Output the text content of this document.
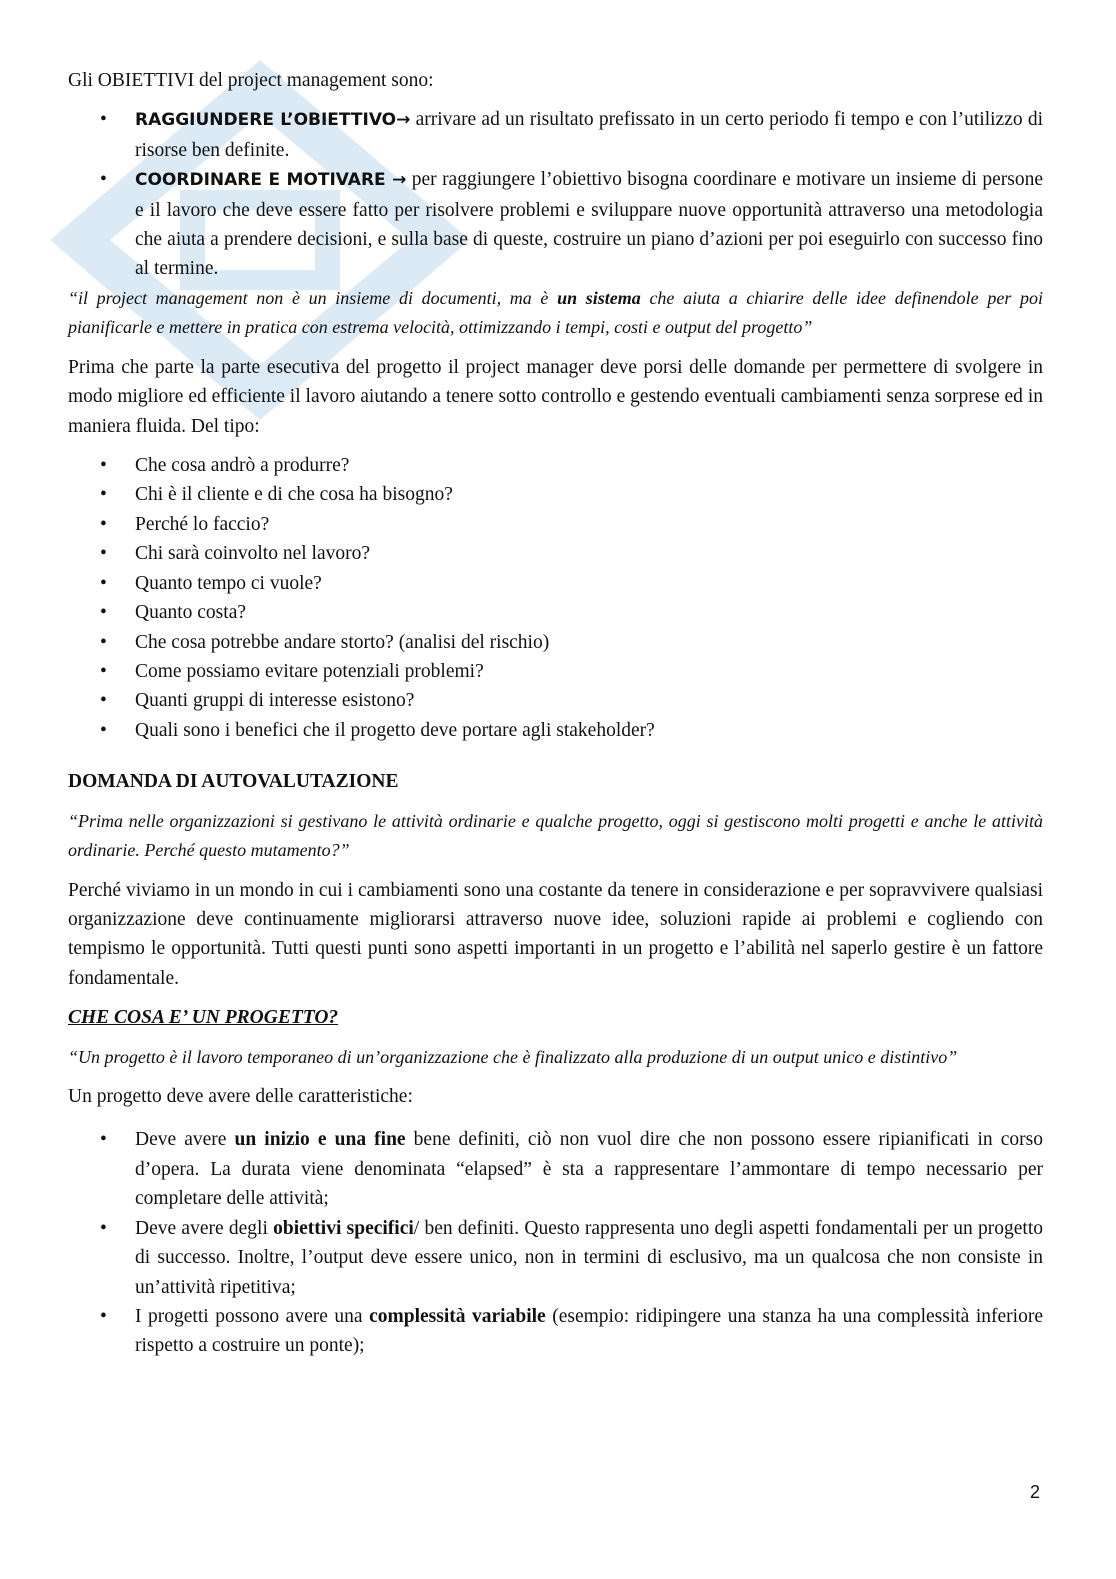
Gli OBIETTIVI del project management sono:

• RAGGIUNDERE L’OBIETTIVO→ arrivare ad un risultato prefissato in un certo periodo fi tempo e con l’utilizzo di risorse ben definite.
• COORDINARE E MOTIVARE → per raggiungere l’obiettivo bisogna coordinare e motivare un insieme di persone e il lavoro che deve essere fatto per risolvere problemi e sviluppare nuove opportunità attraverso una metodologia che aiuta a prendere decisioni, e sulla base di queste, costruire un piano d’azioni per poi eseguirlo con successo fino al termine.

“il project management non è un insieme di documenti, ma è un sistema che aiuta a chiarire delle idee definendole per poi pianificarle e mettere in pratica con estrema velocità, ottimizzando i tempi, costi e output del progetto”

Prima che parte la parte esecutiva del progetto il project manager deve porsi delle domande per permettere di svolgere in modo migliore ed efficiente il lavoro aiutando a tenere sotto controllo e gestendo eventuali cambiamenti senza sorprese ed in maniera fluida. Del tipo:

• Che cosa andrò a produrre?
• Chi è il cliente e di che cosa ha bisogno?
• Perché lo faccio?
• Chi sarà coinvolto nel lavoro?
• Quanto tempo ci vuole?
• Quanto costa?
• Che cosa potrebbe andare storto? (analisi del rischio)
• Come possiamo evitare potenziali problemi?
• Quanti gruppi di interesse esistono?
• Quali sono i benefici che il progetto deve portare agli stakeholder?

DOMANDA DI AUTOVALUTAZIONE

“Prima nelle organizzazioni si gestivano le attività ordinarie e qualche progetto, oggi si gestiscono molti progetti e anche le attività ordinarie. Perché questo mutamento?”

Perché viviamo in un mondo in cui i cambiamenti sono una costante da tenere in considerazione e per sopravvivere qualsiasi organizzazione deve continuamente migliorarsi attraverso nuove idee, soluzioni rapide ai problemi e cogliendo con tempismo le opportunità. Tutti questi punti sono aspetti importanti in un progetto e l’abilità nel saperlo gestire è un fattore fondamentale.

CHE COSA E’ UN PROGETTO?

“Un progetto è il lavoro temporaneo di un’organizzazione che è finalizzato alla produzione di un output unico e distintivo”

Un progetto deve avere delle caratteristiche:

• Deve avere un inizio e una fine bene definiti, ciò non vuol dire che non possono essere ripianificati in corso d’opera. La durata viene denominata “elapsed” è sta a rappresentare l’ammontare di tempo necessario per completare delle attività;
• Deve avere degli obiettivi specifici/ ben definiti. Questo rappresenta uno degli aspetti fondamentali per un progetto di successo. Inoltre, l’output deve essere unico, non in termini di esclusivo, ma un qualcosa che non consiste in un’attività ripetitiva;
• I progetti possono avere una complessità variabile (esempio: ridipingere una stanza ha una complessità inferiore rispetto a costruire un ponte);
2
